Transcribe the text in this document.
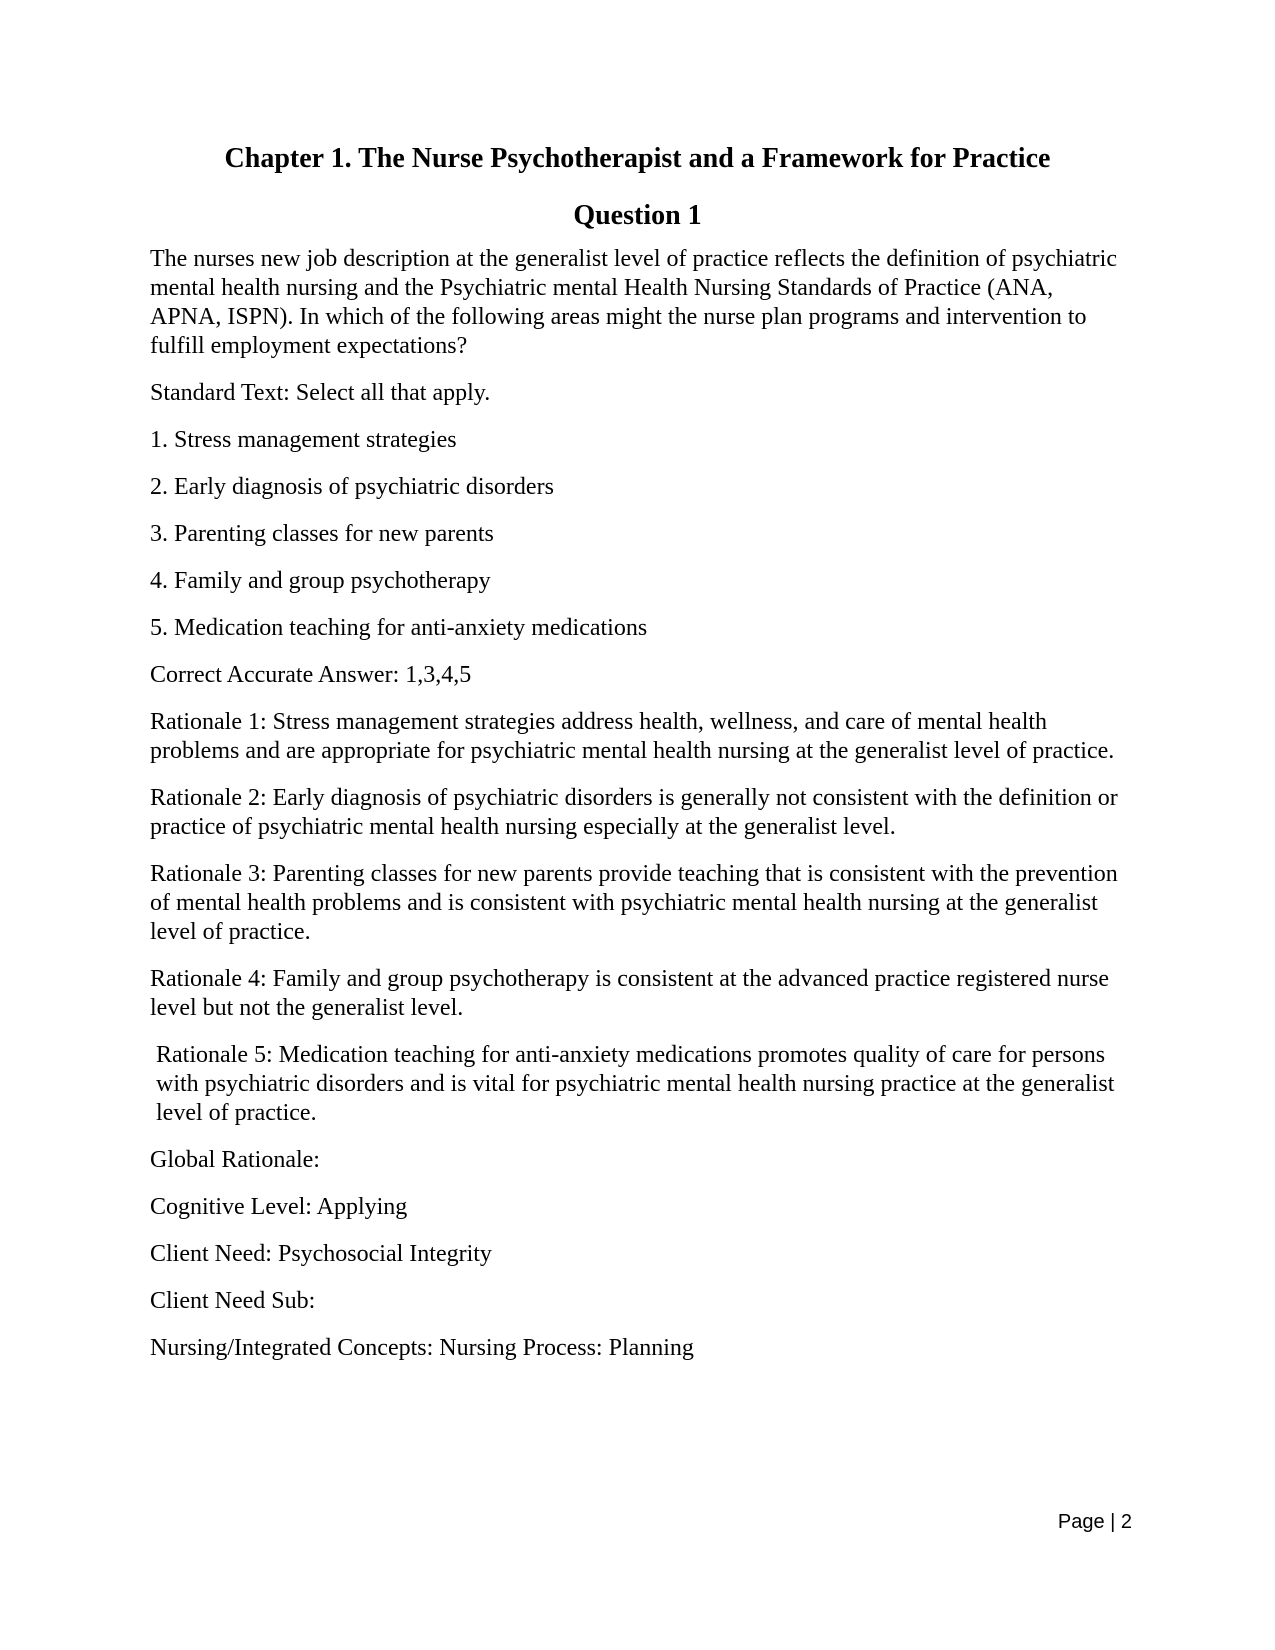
Chapter 1. The Nurse Psychotherapist and a Framework for Practice
Question 1
The nurses new job description at the generalist level of practice reflects the definition of psychiatric mental health nursing and the Psychiatric mental Health Nursing Standards of Practice (ANA, APNA, ISPN). In which of the following areas might the nurse plan programs and intervention to fulfill employment expectations?
Standard Text: Select all that apply.
1. Stress management strategies
2. Early diagnosis of psychiatric disorders
3. Parenting classes for new parents
4. Family and group psychotherapy
5. Medication teaching for anti-anxiety medications
Correct Accurate Answer: 1,3,4,5
Rationale 1: Stress management strategies address health, wellness, and care of mental health problems and are appropriate for psychiatric mental health nursing at the generalist level of practice.
Rationale 2: Early diagnosis of psychiatric disorders is generally not consistent with the definition or practice of psychiatric mental health nursing especially at the generalist level.
Rationale 3: Parenting classes for new parents provide teaching that is consistent with the prevention of mental health problems and is consistent with psychiatric mental health nursing at the generalist level of practice.
Rationale 4: Family and group psychotherapy is consistent at the advanced practice registered nurse level but not the generalist level.
Rationale 5: Medication teaching for anti-anxiety medications promotes quality of care for persons with psychiatric disorders and is vital for psychiatric mental health nursing practice at the generalist level of practice.
Global Rationale:
Cognitive Level: Applying
Client Need: Psychosocial Integrity
Client Need Sub:
Nursing/Integrated Concepts: Nursing Process: Planning
Page | 2
